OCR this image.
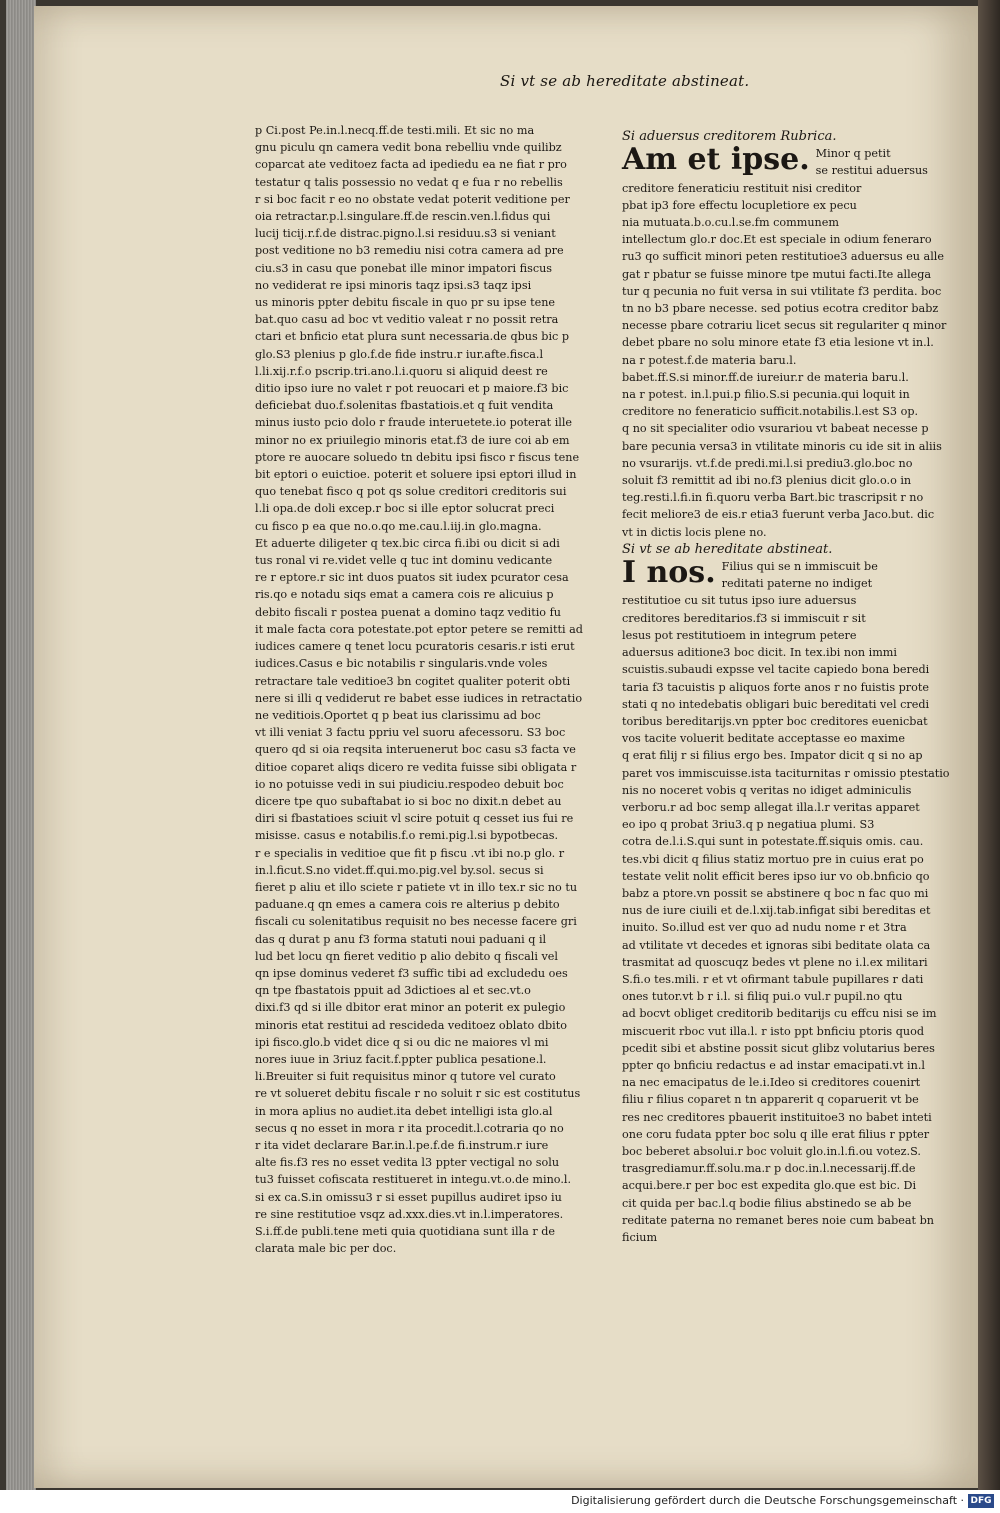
Si vt se ab hereditate abstineat.
p Ci.post Pe.in.l.necq.ff.de testi.mili. Et sic no ma
gnu piculu qn camera vedit bona rebelliu vnde quilibz
coparcat ate veditoez facta ad ipediedu ea ne fiat r pro
testatur q talis possessio no vedat q e fua r no rebellis
r si boc facit r eo no obstate vedat poterit veditione per
oia retractar.p.l.singulare.ff.de rescin.ven.l.fidus qui
lucij ticij.r.f.de distrac.pigno.l.si residuu.s3 si veniant
post veditione no b3 remediu nisi cotra camera ad pre
ciu.s3 in casu que ponebat ille minor impatori fiscus
no vediderat re ipsi minoris taqz ipsi.s3 taqz ipsi
us minoris ppter debitu fiscale in quo pr su ipse tene
bat.quo casu ad boc vt veditio valeat r no possit retra
ctari et bnficio etat plura sunt necessaria.de qbus bic p
glo.S3 plenius p glo.f.de fide instru.r iur.afte.fisca.l
l.li.xij.r.f.o pscrip.tri.ano.l.i.quoru si aliquid deest re
ditio ipso iure no valet r pot reuocari et p maiore.f3 bic
deficiebat duo.f.solenitas fbastatiois.et q fuit vendita
minus iusto pcio dolo r fraude interuetete.io poterat ille
minor no ex priuilegio minoris etat.f3 de iure coi ab em
ptore re auocare soluedo tn debitu ipsi fisco r fiscus tene
bit eptori o euictioe. poterit et soluere ipsi eptori illud in
quo tenebat fisco q pot qs solue creditori creditoris sui
l.li opa.de doli excep.r boc si ille eptor solucrat preci
cu fisco p ea que no.o.qo me.cau.l.iij.in glo.magna.
Et aduerte diligeter q tex.bic circa fi.ibi ou dicit si adi
tus ronal vi re.videt velle q tuc int dominu vedicante
re r eptore.r sic int duos puatos sit iudex pcurator cesa
ris.qo e notadu siqs emat a camera cois re alicuius p
debito fiscali r postea puenat a domino taqz veditio fu
it male facta cora potestate.pot eptor petere se remitti ad
iudices camere q tenet locu pcuratoris cesaris.r isti erut
iudices.Casus e bic notabilis r singularis.vnde voles
retractare tale veditioe3 bn cogitet qualiter poterit obti
nere si illi q vediderut re babet esse iudices in retractatio
ne veditiois.Oportet q p beat ius clarissimu ad boc
vt illi veniat 3 factu ppriu vel suoru afecessoru. S3 boc
quero qd si oia reqsita interuenerut boc casu s3 facta ve
ditioe coparet aliqs dicero re vedita fuisse sibi obligata r
io no potuisse vedi in sui piudiciu.respodeo debuit boc
dicere tpe quo subaftabat io si boc no dixit.n debet au
diri si fbastatioes sciuit vl scire potuit q cesset ius fui re
misisse. casus e notabilis.f.o remi.pig.l.si bypotbecas.
r e specialis in veditioe que fit p fiscu .vt ibi no.p glo. r
in.l.ficut.S.no videt.ff.qui.mo.pig.vel by.sol. secus si
fieret p aliu et illo sciete r patiete vt in illo tex.r sic no tu
paduane.q qn emes a camera cois re alterius p debito
fiscali cu solenitatibus requisit no bes necesse facere gri
das q durat p anu f3 forma statuti noui paduani q il
lud bet locu qn fieret veditio p alio debito q fiscali vel
qn ipse dominus vederet f3 suffic tibi ad excludedu oes
qn tpe fbastatois ppuit ad 3dictioes al et sec.vt.o
dixi.f3 qd si ille dbitor erat minor an poterit ex pulegio
minoris etat restitui ad rescideda veditoez oblato dbito
ipi fisco.glo.b videt dice q si ou dic ne maiores vl mi
nores iuue in 3riuz facit.f.ppter publica pesatione.l.
li.Breuiter si fuit requisitus minor q tutore vel curato
re vt solueret debitu fiscale r no soluit r sic est costitutus
in mora aplius no audiet.ita debet intelligi ista glo.al
secus q no esset in mora r ita procedit.l.cotraria qo no
r ita videt declarare Bar.in.l.pe.f.de fi.instrum.r iure
alte fis.f3 res no esset vedita l3 ppter vectigal no solu
tu3 fuisset cofiscata restitueret in integu.vt.o.de mino.l.
si ex ca.S.in omissu3 r si esset pupillus audiret ipso iu
re sine restitutioe vsqz ad.xxx.dies.vt in.l.imperatores.
S.i.ff.de publi.tene meti quia quotidiana sunt illa r de
clarata male bic per doc.

Si aduersus creditorem Rubrica.

Am et ipse. Minor q petit
se restitui aduersus
creditore feneraticiu restituit nisi creditor
pbat ip3 fore effectu locupletiore ex pecu
nia mutuata.b.o.cu.l.se.fm communem
intellectum glo.r doc.Et est speciale in odium feneraro
ru3 qo sufficit minori peten restitutioe3 aduersus eu alle
gat r pbatur se fuisse minore tpe mutui facti.Ite allega
tur q pecunia no fuit versa in sui vtilitate f3 perdita. boc
tn no b3 pbare necesse. sed potius ecotra creditor babz
necesse pbare cotrariu licet secus sit regulariter q minor
debet pbare no solu minore etate f3 etia lesione vt in.l.
na r potest.f.de materia baru.l.
babet.ff.S.si minor.ff.de iureiur.r de materia baru.l.
na r potest. in.l.pui.p filio.S.si pecunia.qui loquit in
creditore no feneraticio sufficit.notabilis.l.est S3 op.
q no sit specialiter odio vsurariou vt babeat necesse p
bare pecunia versa3 in vtilitate minoris cu ide sit in aliis
no vsurarijs. vt.f.de predi.mi.l.si prediu3.glo.boc no
soluit f3 remittit ad ibi no.f3 plenius dicit glo.o.o in
teg.resti.l.fi.in fi.quoru verba Bart.bic trascripsit r no
fecit meliore3 de eis.r etia3 fuerunt verba Jaco.but. dic
vt in dictis locis plene no.

Si vt se ab hereditate abstineat.

I nos. Filius qui se n immiscuit be
reditati paterne no indiget
restitutioe cu sit tutus ipso iure aduersus
creditores bereditarios.f3 si immiscuit r sit
lesus pot restitutioem in integrum petere
aduersus aditione3 boc dicit. In tex.ibi non immi
scuistis.subaudi expsse vel tacite capiedo bona beredi
taria f3 tacuistis p aliquos forte anos r no fuistis prote
stati q no intedebatis obligari buic bereditati vel credi
toribus bereditarijs.vn ppter boc creditores euenicbat
vos tacite voluerit beditate acceptasse eo maxime
q erat filij r si filius ergo bes. Impator dicit q si no ap
paret vos immiscuisse.ista taciturnitas r omissio ptestatio
nis no noceret vobis q veritas no idiget adminiculis
verboru.r ad boc semp allegat illa.l.r veritas apparet
eo ipo q probat 3riu3.q p negatiua plumi. S3
cotra de.l.i.S.qui sunt in potestate.ff.siquis omis. cau.
tes.vbi dicit q filius statiz mortuo pre in cuius erat po
testate velit nolit efficit beres ipso iur vo ob.bnficio qo
babz a ptore.vn possit se abstinere q boc n fac quo mi
nus de iure ciuili et de.l.xij.tab.infigat sibi bereditas et
inuito. So.illud est ver quo ad nudu nome r et 3tra
ad vtilitate vt decedes et ignoras sibi beditate olata ca
trasmitat ad quoscuqz bedes vt plene no i.l.ex militari
S.fi.o tes.mili. r et vt ofirmant tabule pupillares r dati
ones tutor.vt b r i.l. si filiq pui.o vul.r pupil.no qtu
ad bocvt obliget creditorib beditarijs cu effcu nisi se im
miscuerit rboc vut illa.l. r isto ppt bnficiu ptoris quod
pcedit sibi et abstine possit sicut glibz volutarius beres
ppter qo bnficiu redactus e ad instar emacipati.vt in.l
na nec emacipatus de le.i.Ideo si creditores couenirt
filiu r filius coparet n tn apparerit q coparuerit vt be
res nec creditores pbauerit instituitoe3 no babet inteti
one coru fudata ppter boc solu q ille erat filius r ppter
boc beberet absolui.r boc voluit glo.in.l.fi.ou votez.S.
trasgrediamur.ff.solu.ma.r p doc.in.l.necessarij.ff.de
acqui.bere.r per boc est expedita glo.que est bic. Di
cit quida per bac.l.q bodie filius abstinedo se ab be
reditate paterna no remanet beres noie cum babeat bn
ficium
Digitalisierung gefördert durch die Deutsche Forschungsgemeinschaft · DFG
